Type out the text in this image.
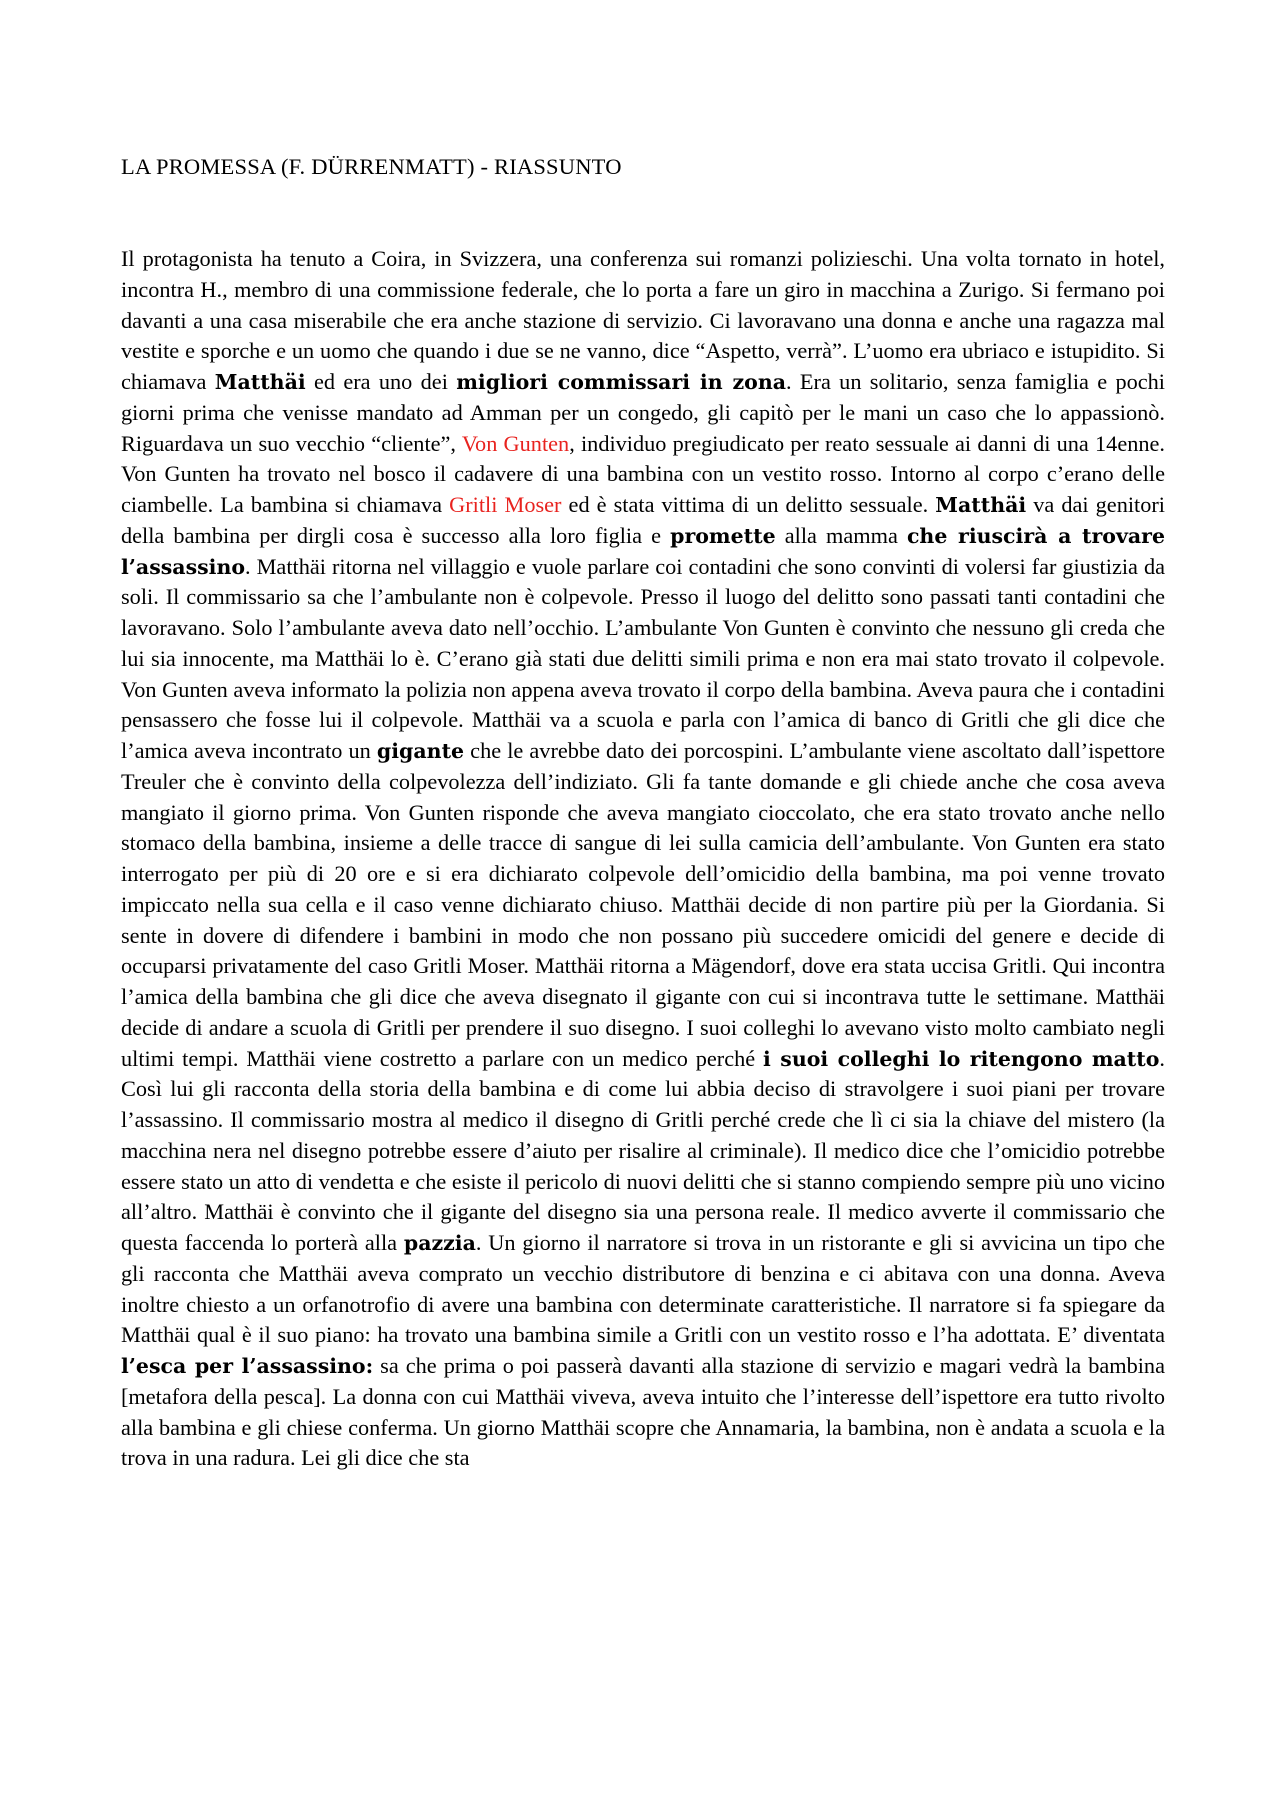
LA PROMESSA (F. DÜRRENMATT) - RIASSUNTO

Il protagonista ha tenuto a Coira, in Svizzera, una conferenza sui romanzi polizieschi. Una volta tornato in hotel, incontra H., membro di una commissione federale, che lo porta a fare un giro in macchina a Zurigo. Si fermano poi davanti a una casa miserabile che era anche stazione di servizio. Ci lavoravano una donna e anche una ragazza mal vestite e sporche e un uomo che quando i due se ne vanno, dice “Aspetto, verrà”. L’uomo era ubriaco e istupidito. Si chiamava Matthäi ed era uno dei migliori commissari in zona. Era un solitario, senza famiglia e pochi giorni prima che venisse mandato ad Amman per un congedo, gli capitò per le mani un caso che lo appassionò. Riguardava un suo vecchio “cliente”, Von Gunten, individuo pregiudicato per reato sessuale ai danni di una 14enne. Von Gunten ha trovato nel bosco il cadavere di una bambina con un vestito rosso. Intorno al corpo c’erano delle ciambelle. La bambina si chiamava Gritli Moser ed è stata vittima di un delitto sessuale. Matthäi va dai genitori della bambina per dirgli cosa è successo alla loro figlia e promette alla mamma che riuscirà a trovare l’assassino. Matthäi ritorna nel villaggio e vuole parlare coi contadini che sono convinti di volersi far giustizia da soli. Il commissario sa che l’ambulante non è colpevole. Presso il luogo del delitto sono passati tanti contadini che lavoravano. Solo l’ambulante aveva dato nell’occhio. L’ambulante Von Gunten è convinto che nessuno gli creda che lui sia innocente, ma Matthäi lo è. C’erano già stati due delitti simili prima e non era mai stato trovato il colpevole. Von Gunten aveva informato la polizia non appena aveva trovato il corpo della bambina. Aveva paura che i contadini pensassero che fosse lui il colpevole. Matthäi va a scuola e parla con l’amica di banco di Gritli che gli dice che l’amica aveva incontrato un gigante che le avrebbe dato dei porcospini. L’ambulante viene ascoltato dall’ispettore Treuler che è convinto della colpevolezza dell’indiziato. Gli fa tante domande e gli chiede anche che cosa aveva mangiato il giorno prima. Von Gunten risponde che aveva mangiato cioccolato, che era stato trovato anche nello stomaco della bambina, insieme a delle tracce di sangue di lei sulla camicia dell’ambulante. Von Gunten era stato interrogato per più di 20 ore e si era dichiarato colpevole dell’omicidio della bambina, ma poi venne trovato impiccato nella sua cella e il caso venne dichiarato chiuso. Matthäi decide di non partire più per la Giordania. Si sente in dovere di difendere i bambini in modo che non possano più succedere omicidi del genere e decide di occuparsi privatamente del caso Gritli Moser. Matthäi ritorna a Mägendorf, dove era stata uccisa Gritli. Qui incontra l’amica della bambina che gli dice che aveva disegnato il gigante con cui si incontrava tutte le settimane. Matthäi decide di andare a scuola di Gritli per prendere il suo disegno. I suoi colleghi lo avevano visto molto cambiato negli ultimi tempi. Matthäi viene costretto a parlare con un medico perché i suoi colleghi lo ritengono matto. Così lui gli racconta della storia della bambina e di come lui abbia deciso di stravolgere i suoi piani per trovare l’assassino. Il commissario mostra al medico il disegno di Gritli perché crede che lì ci sia la chiave del mistero (la macchina nera nel disegno potrebbe essere d’aiuto per risalire al criminale). Il medico dice che l’omicidio potrebbe essere stato un atto di vendetta e che esiste il pericolo di nuovi delitti che si stanno compiendo sempre più uno vicino all’altro. Matthäi è convinto che il gigante del disegno sia una persona reale. Il medico avverte il commissario che questa faccenda lo porterà alla pazzia. Un giorno il narratore si trova in un ristorante e gli si avvicina un tipo che gli racconta che Matthäi aveva comprato un vecchio distributore di benzina e ci abitava con una donna. Aveva inoltre chiesto a un orfanotrofio di avere una bambina con determinate caratteristiche. Il narratore si fa spiegare da Matthäi qual è il suo piano: ha trovato una bambina simile a Gritli con un vestito rosso e l’ha adottata. E’ diventata l’esca per l’assassino: sa che prima o poi passerà davanti alla stazione di servizio e magari vedrà la bambina [metafora della pesca]. La donna con cui Matthäi viveva, aveva intuito che l’interesse dell’ispettore era tutto rivolto alla bambina e gli chiese conferma. Un giorno Matthäi scopre che Annamaria, la bambina, non è andata a scuola e la trova in una radura. Lei gli dice che sta
